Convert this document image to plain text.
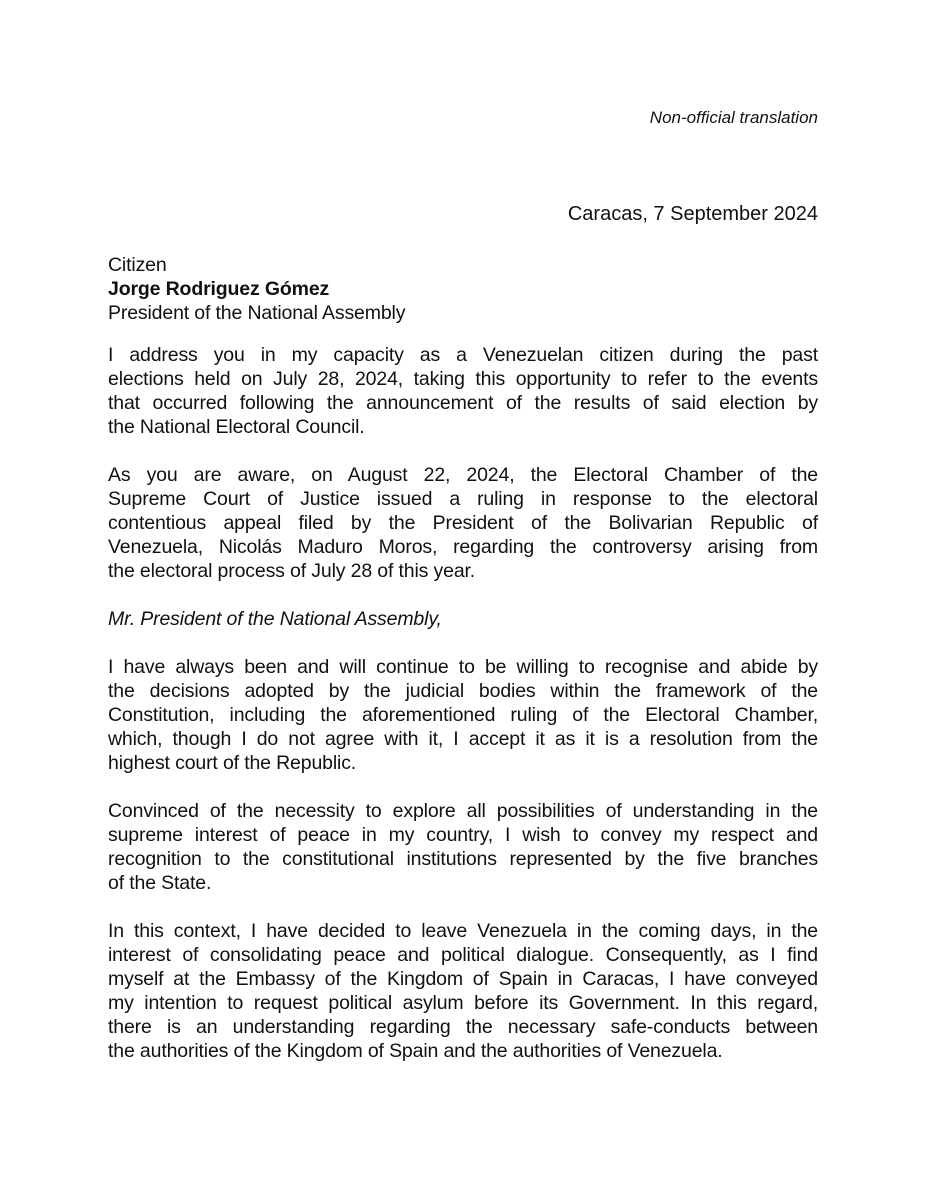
Non-official translation
Caracas, 7 September 2024
Citizen
Jorge Rodriguez Gómez
President of the National Assembly
I address you in my capacity as a Venezuelan citizen during the past
elections held on July 28, 2024, taking this opportunity to refer to the events
that occurred following the announcement of the results of said election by
the National Electoral Council.
As you are aware, on August 22, 2024, the Electoral Chamber of the
Supreme Court of Justice issued a ruling in response to the electoral
contentious appeal filed by the President of the Bolivarian Republic of
Venezuela, Nicolás Maduro Moros, regarding the controversy arising from
the electoral process of July 28 of this year.
Mr. President of the National Assembly,
I have always been and will continue to be willing to recognise and abide by
the decisions adopted by the judicial bodies within the framework of the
Constitution, including the aforementioned ruling of the Electoral Chamber,
which, though I do not agree with it, I accept it as it is a resolution from the
highest court of the Republic.
Convinced of the necessity to explore all possibilities of understanding in the
supreme interest of peace in my country, I wish to convey my respect and
recognition to the constitutional institutions represented by the five branches
of the State.
In this context, I have decided to leave Venezuela in the coming days, in the
interest of consolidating peace and political dialogue. Consequently, as I find
myself at the Embassy of the Kingdom of Spain in Caracas, I have conveyed
my intention to request political asylum before its Government. In this regard,
there is an understanding regarding the necessary safe-conducts between
the authorities of the Kingdom of Spain and the authorities of Venezuela.
